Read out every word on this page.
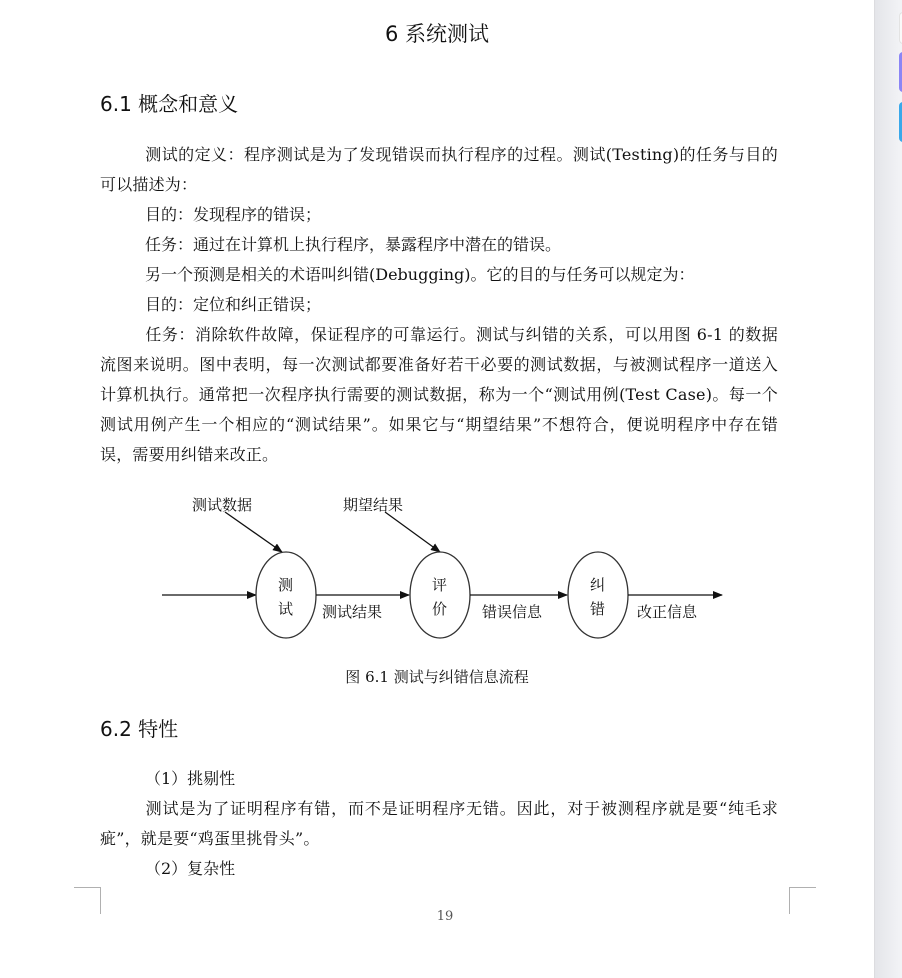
6 系统测试
6.1 概念和意义
测试的定义：程序测试是为了发现错误而执行程序的过程。测试(Testing)的任务与目的可以描述为：
目的：发现程序的错误；
任务：通过在计算机上执行程序，暴露程序中潜在的错误。
另一个预测是相关的术语叫纠错(Debugging)。它的目的与任务可以规定为：
目的：定位和纠正错误；
任务：消除软件故障，保证程序的可靠运行。测试与纠错的关系，可以用图 6-1 的数据流图来说明。图中表明，每一次测试都要准备好若干必要的测试数据，与被测试程序一道送入计算机执行。通常把一次程序执行需要的测试数据，称为一个“测试用例(Test Case)。每一个测试用例产生一个相应的“测试结果”。如果它与“期望结果”不想符合，便说明程序中存在错误，需要用纠错来改正。
测试数据	期望结果
测
试
评
价
纠
错
测试结果	错误信息	改正信息
图 6.1 测试与纠错信息流程
6.2 特性
（1）挑剔性
测试是为了证明程序有错，而不是证明程序无错。因此，对于被测程序就是要“纯毛求疵”，就是要“鸡蛋里挑骨头”。
（2）复杂性
19
